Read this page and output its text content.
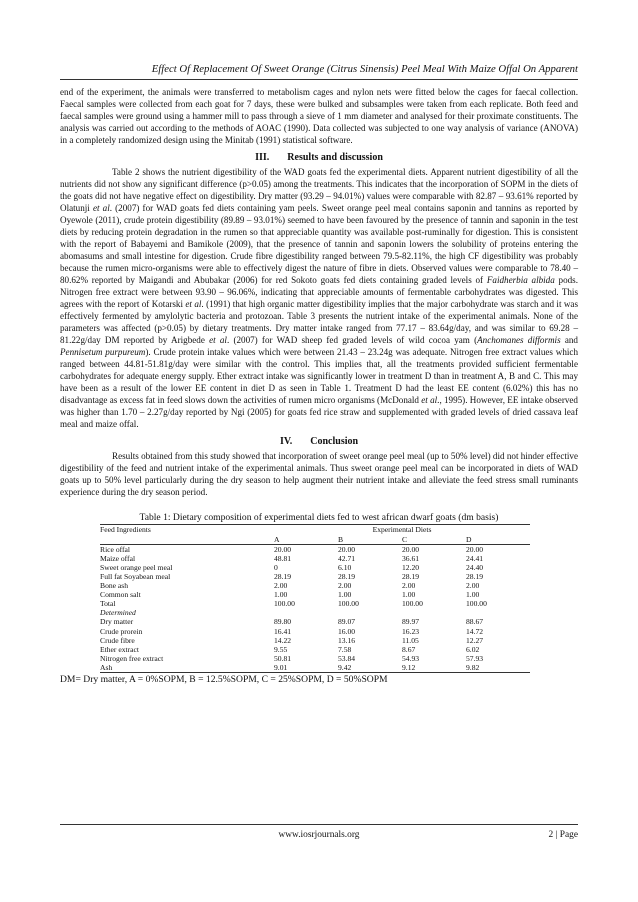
Effect Of Replacement Of Sweet Orange (Citrus Sinensis) Peel Meal With Maize Offal On Apparent

end of the experiment, the animals were transferred to metabolism cages and nylon nets were fitted below the cages for faecal collection. Faecal samples were collected from each goat for 7 days, these were bulked and subsamples were taken from each replicate. Both feed and faecal samples were ground using a hammer mill to pass through a sieve of 1 mm diameter and analysed for their proximate constituents. The analysis was carried out according to the methods of AOAC (1990). Data collected was subjected to one way analysis of variance (ANOVA) in a completely randomized design using the Minitab (1991) statistical software.

III. Results and discussion

Table 2 shows the nutrient digestibility of the WAD goats fed the experimental diets. Apparent nutrient digestibility of all the nutrients did not show any significant difference (p>0.05) among the treatments. This indicates that the incorporation of SOPM in the diets of the goats did not have negative effect on digestibility. Dry matter (93.29 – 94.01%) values were comparable with 82.87 – 93.61% reported by Olatunji et al. (2007) for WAD goats fed diets containing yam peels. Sweet orange peel meal contains saponin and tannins as reported by Oyewole (2011), crude protein digestibility (89.89 – 93.01%) seemed to have been favoured by the presence of tannin and saponin in the test diets by reducing protein degradation in the rumen so that appreciable quantity was available post-ruminally for digestion. This is consistent with the report of Babayemi and Bamikole (2009), that the presence of tannin and saponin lowers the solubility of proteins entering the abomasums and small intestine for digestion. Crude fibre digestibility ranged between 79.5-82.11%, the high CF digestibility was probably because the rumen micro-organisms were able to effectively digest the nature of fibre in diets. Observed values were comparable to 78.40 – 80.62% reported by Maigandi and Abubakar (2006) for red Sokoto goats fed diets containing graded levels of Faidherbia albida pods. Nitrogen free extract were between 93.90 – 96.06%, indicating that appreciable amounts of fermentable carbohydrates was digested. This agrees with the report of Kotarski et al. (1991) that high organic matter digestibility implies that the major carbohydrate was starch and it was effectively fermented by amylolytic bacteria and protozoan. Table 3 presents the nutrient intake of the experimental animals. None of the parameters was affected (p>0.05) by dietary treatments. Dry matter intake ranged from 77.17 – 83.64g/day, and was similar to 69.28 – 81.22g/day DM reported by Arigbede et al. (2007) for WAD sheep fed graded levels of wild cocoa yam (Anchomanes difformis and Pennisetum purpureum). Crude protein intake values which were between 21.43 – 23.24g was adequate. Nitrogen free extract values which ranged between 44.81-51.81g/day were similar with the control. This implies that, all the treatments provided sufficient fermentable carbohydrates for adequate energy supply. Ether extract intake was significantly lower in treatment D than in treatment A, B and C. This may have been as a result of the lower EE content in diet D as seen in Table 1. Treatment D had the least EE content (6.02%) this has no disadvantage as excess fat in feed slows down the activities of rumen micro organisms (McDonald et al., 1995). However, EE intake observed was higher than 1.70 – 2.27g/day reported by Ngi (2005) for goats fed rice straw and supplemented with graded levels of dried cassava leaf meal and maize offal.

IV. Conclusion

Results obtained from this study showed that incorporation of sweet orange peel meal (up to 50% level) did not hinder effective digestibility of the feed and nutrient intake of the experimental animals. Thus sweet orange peel meal can be incorporated in diets of WAD goats up to 50% level particularly during the dry season to help augment their nutrient intake and alleviate the feed stress small ruminants experience during the dry season period.

Table 1: Dietary composition of experimental diets fed to west african dwarf goats (dm basis)
Feed Ingredients	Experimental Diets			
	A	B	C	D
Rice offal	20.00	20.00	20.00	20.00
Maize offal	48.81	42.71	36.61	24.41
Sweet orange peel meal	0	6.10	12.20	24.40
Full fat Soyabean meal	28.19	28.19	28.19	28.19
Bone ash	2.00	2.00	2.00	2.00
Common salt	1.00	1.00	1.00	1.00
Total	100.00	100.00	100.00	100.00
Determined				
Dry matter	89.80	89.07	89.97	88.67
Crude prorein	16.41	16.00	16.23	14.72
Crude fibre	14.22	13.16	11.05	12.27
Ether extract	9.55	7.58	8.67	6.02
Nitrogen free extract	50.81	53.84	54.93	57.93
Ash	9.01	9.42	9.12	9.82
DM= Dry matter, A = 0%SOPM, B = 12.5%SOPM, C = 25%SOPM, D = 50%SOPM
www.iosrjournals.org	2 | Page
